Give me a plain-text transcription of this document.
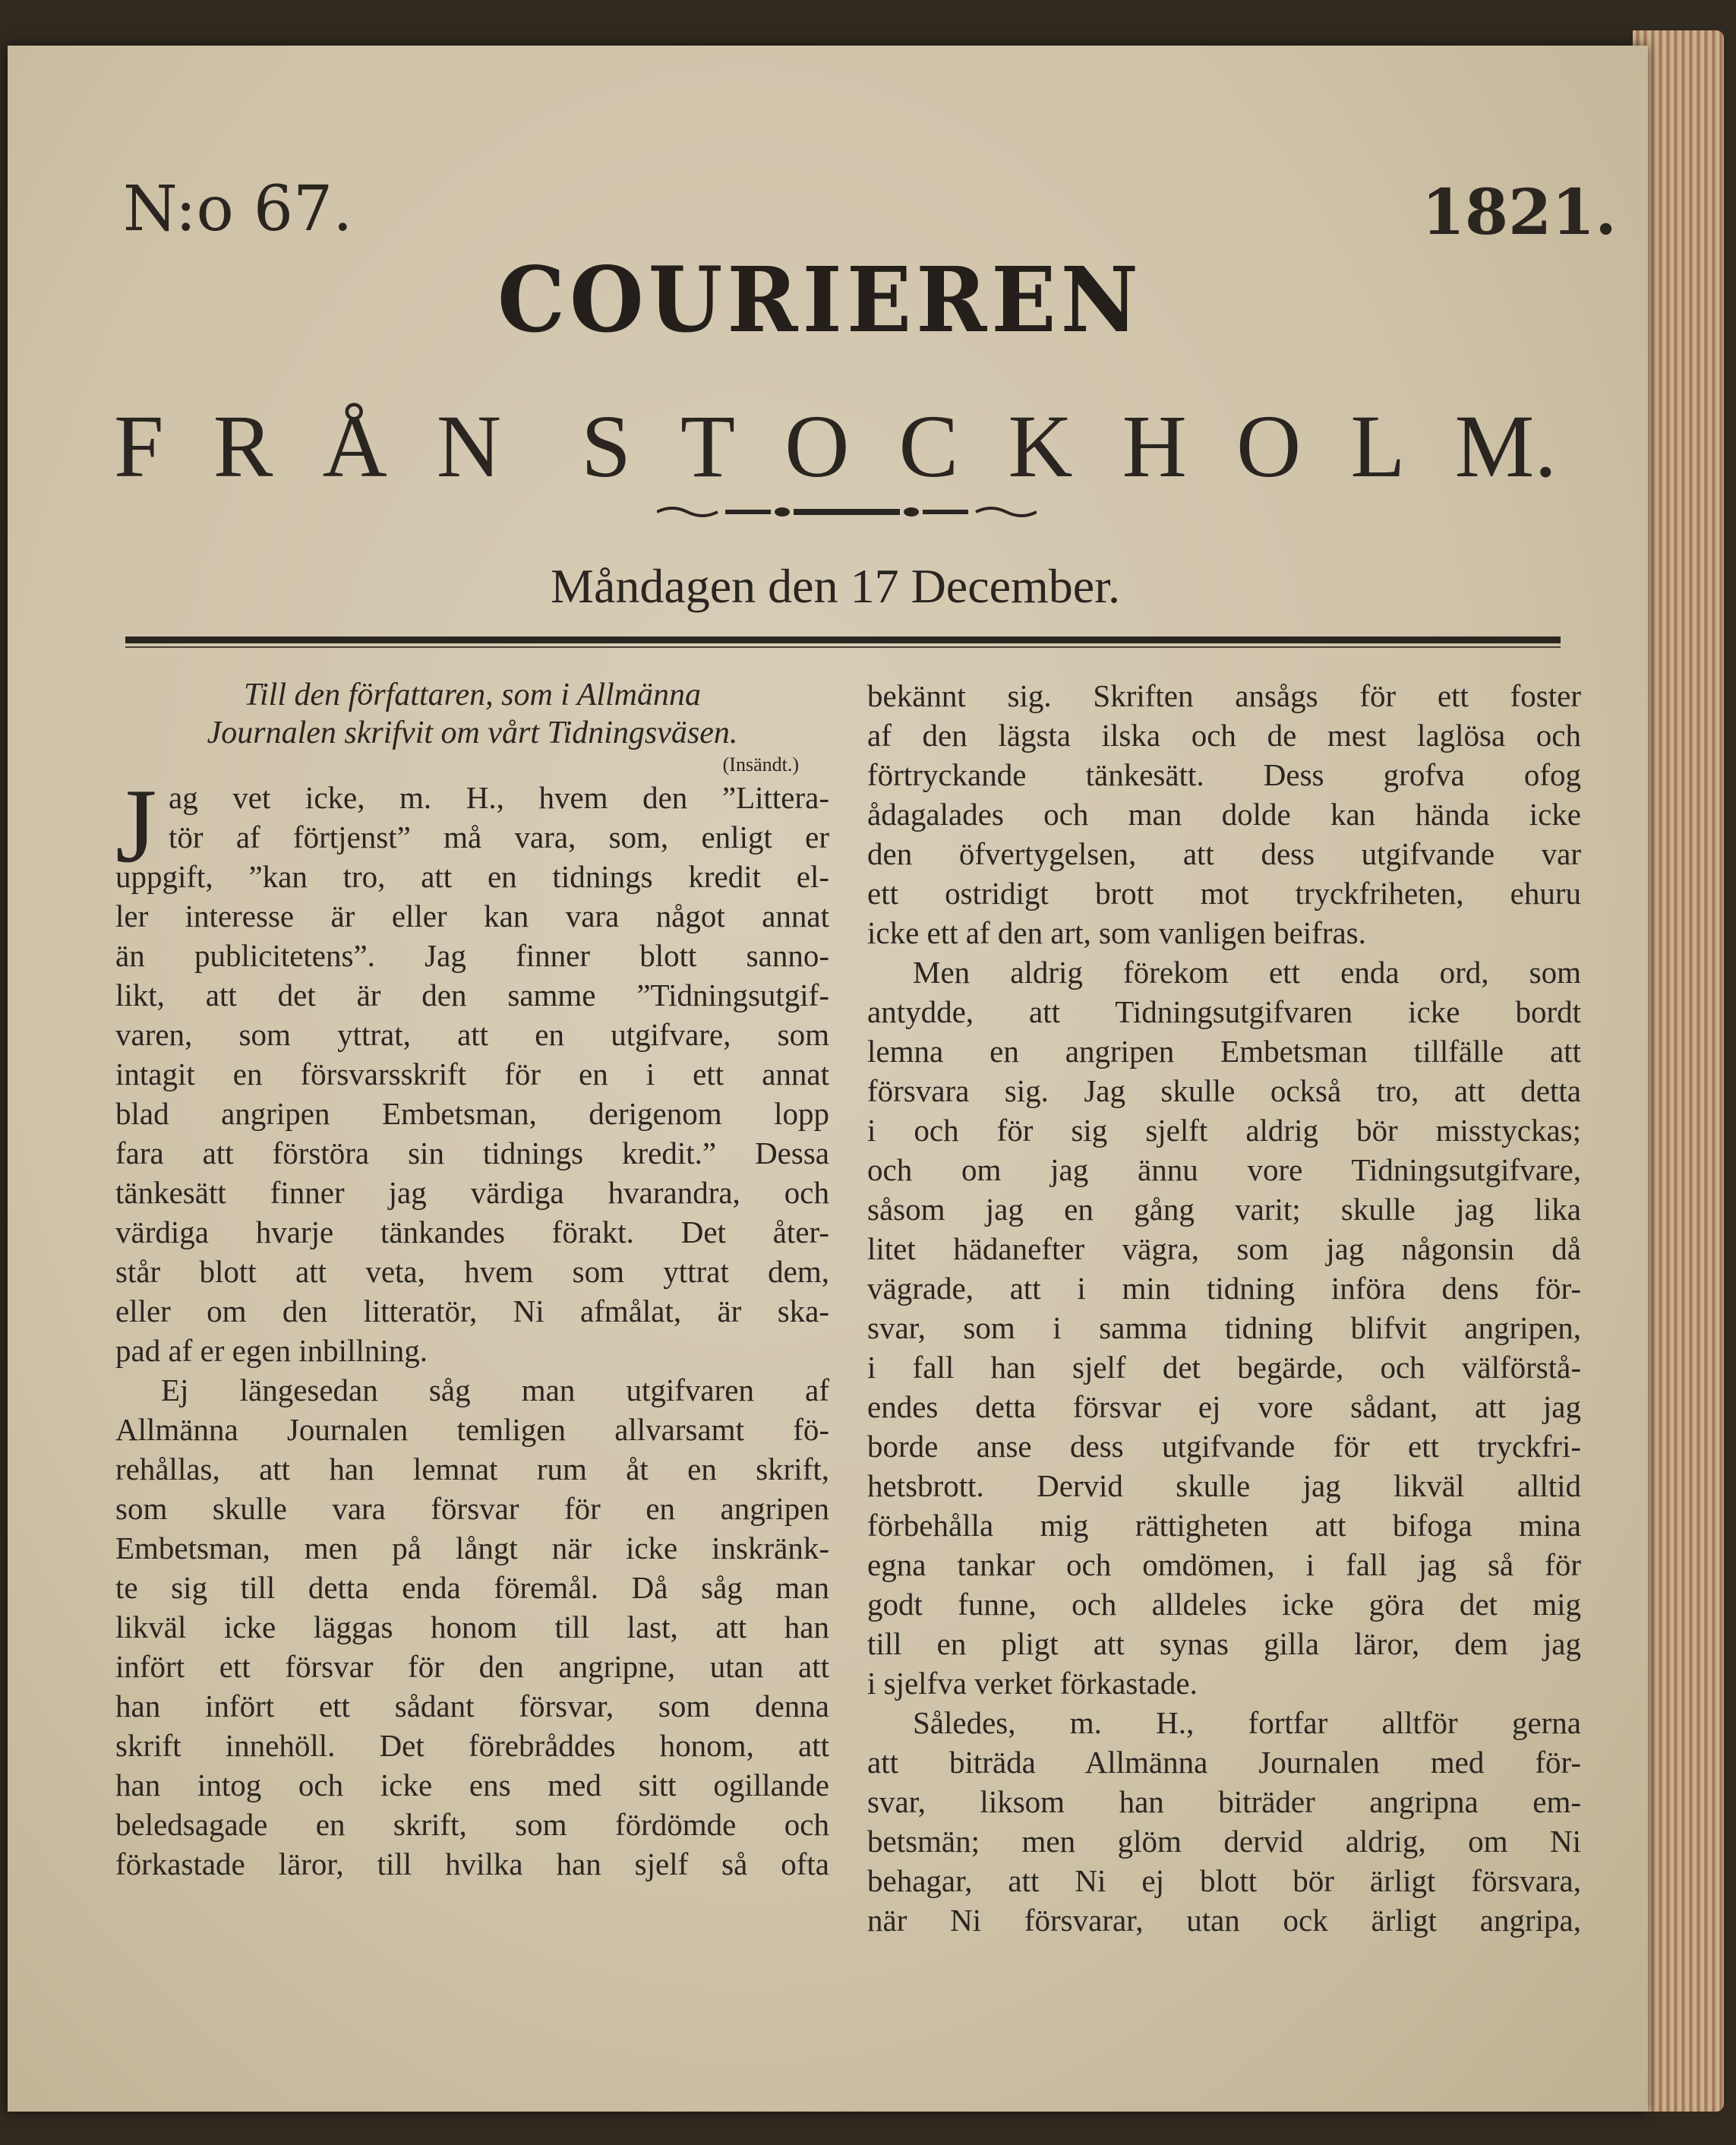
N:o 67.	1821.
COURIEREN
F R Å N S T O C K H O L M.
Måndagen den 17 December.
Till den författaren, som i Allmänna
Journalen skrifvit om vårt Tidningsväsen.
(Insändt.)
J ag vet icke, m. H., hvem den ”Littera-
tör af förtjenst” må vara, som, enligt er
uppgift, ”kan tro, att en tidnings kredit el-
ler interesse är eller kan vara något annat
än publicitetens”. Jag finner blott sanno-
likt, att det är den samme ”Tidningsutgif-
varen, som yttrat, att en utgifvare, som
intagit en försvarsskrift för en i ett annat
blad angripen Embetsman, derigenom lopp
fara att förstöra sin tidnings kredit.” Dessa
tänkesätt finner jag värdiga hvarandra, och
värdiga hvarje tänkandes förakt. Det åter-
står blott att veta, hvem som yttrat dem,
eller om den litteratör, Ni afmålat, är ska-
pad af er egen inbillning.
Ej längesedan såg man utgifvaren af
Allmänna Journalen temligen allvarsamt fö-
rehållas, att han lemnat rum åt en skrift,
som skulle vara försvar för en angripen
Embetsman, men på långt när icke inskränk-
te sig till detta enda föremål. Då såg man
likväl icke läggas honom till last, att han
infört ett försvar för den angripne, utan att
han infört ett sådant försvar, som denna
skrift innehöll. Det förebråddes honom, att
han intog och icke ens med sitt ogillande
beledsagade en skrift, som fördömde och
förkastade läror, till hvilka han sjelf så ofta
bekännt sig. Skriften ansågs för ett foster
af den lägsta ilska och de mest laglösa och
förtryckande tänkesätt. Dess grofva ofog
ådagalades och man dolde kan hända icke
den öfvertygelsen, att dess utgifvande var
ett ostridigt brott mot tryckfriheten, ehuru
icke ett af den art, som vanligen beifras.
Men aldrig förekom ett enda ord, som
antydde, att Tidningsutgifvaren icke bordt
lemna en angripen Embetsman tillfälle att
försvara sig. Jag skulle också tro, att detta
i och för sig sjelft aldrig bör misstyckas;
och om jag ännu vore Tidningsutgifvare,
såsom jag en gång varit; skulle jag lika
litet hädanefter vägra, som jag någonsin då
vägrade, att i min tidning införa dens för-
svar, som i samma tidning blifvit angripen,
i fall han sjelf det begärde, och välförstå-
endes detta försvar ej vore sådant, att jag
borde anse dess utgifvande för ett tryckfri-
hetsbrott. Dervid skulle jag likväl alltid
förbehålla mig rättigheten att bifoga mina
egna tankar och omdömen, i fall jag så för
godt funne, och alldeles icke göra det mig
till en pligt att synas gilla läror, dem jag
i sjelfva verket förkastade.
Således, m. H., fortfar alltför gerna
att biträda Allmänna Journalen med för-
svar, liksom han biträder angripna em-
betsmän; men glöm dervid aldrig, om Ni
behagar, att Ni ej blott bör ärligt försvara,
när Ni försvarar, utan ock ärligt angripa,
